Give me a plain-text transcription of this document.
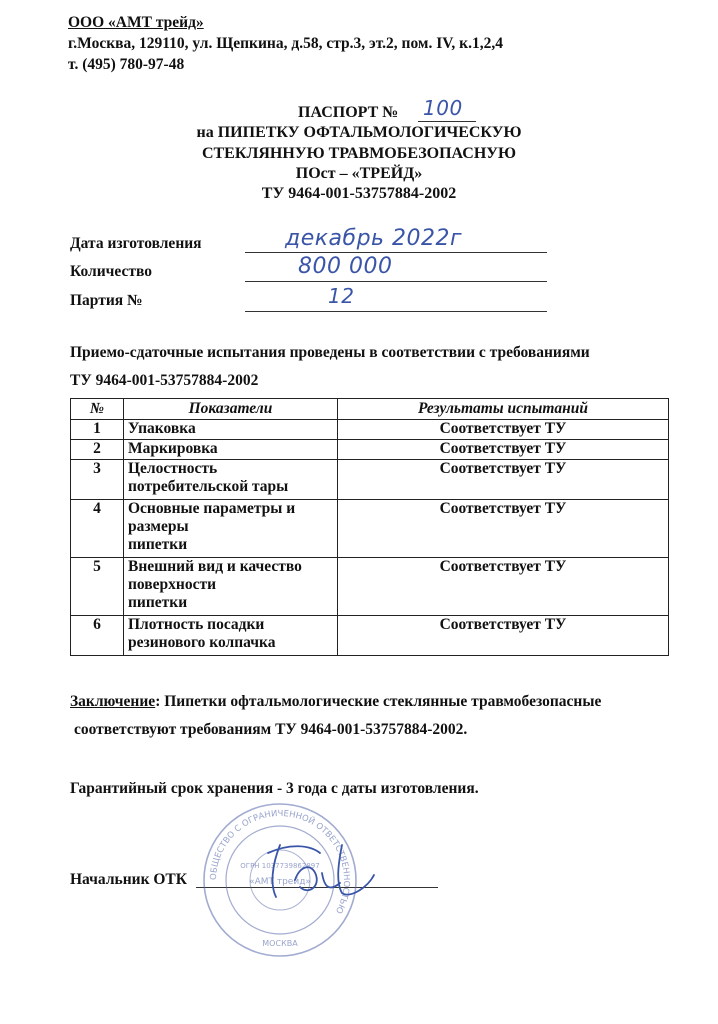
ООО «АМТ трейд»
г.Москва, 129110, ул. Щепкина, д.58, стр.3, эт.2, пом. IV, к.1,2,4
т. (495) 780-97-48
ПАСПОРТ № 100
на ПИПЕТКУ ОФТАЛЬМОЛОГИЧЕСКУЮ
СТЕКЛЯННУЮ ТРАВМОБЕЗОПАСНУЮ
ПОст – «ТРЕЙД»
ТУ 9464-001-53757884-2002
Дата изготовления	декабрь 2022г
Количество	800 000
Партия №	12
Приемо-сдаточные испытания проведены в соответствии с требованиями
ТУ 9464-001-53757884-2002
№	Показатели	Результаты испытаний
1	Упаковка	Соответствует ТУ
2	Маркировка	Соответствует ТУ
3	Целостность
потребительской тары	Соответствует ТУ
4	Основные параметры и
размеры
пипетки	Соответствует ТУ
5	Внешний вид и качество
поверхности
пипетки	Соответствует ТУ
6	Плотность посадки
резинового колпачка	Соответствует ТУ
Заключение: Пипетки офтальмологические стеклянные травмобезопасные
соответствуют требованиям ТУ 9464-001-53757884-2002.
Гарантийный срок хранения - 3 года с даты изготовления.
Начальник ОТК	ОБЩЕСТВО С ОГРАНИЧЕННОЙ ОТВЕТСТВЕННОСТЬЮ
ОГРН 1037739862897
«АМТ трейд»
МОСКВА
